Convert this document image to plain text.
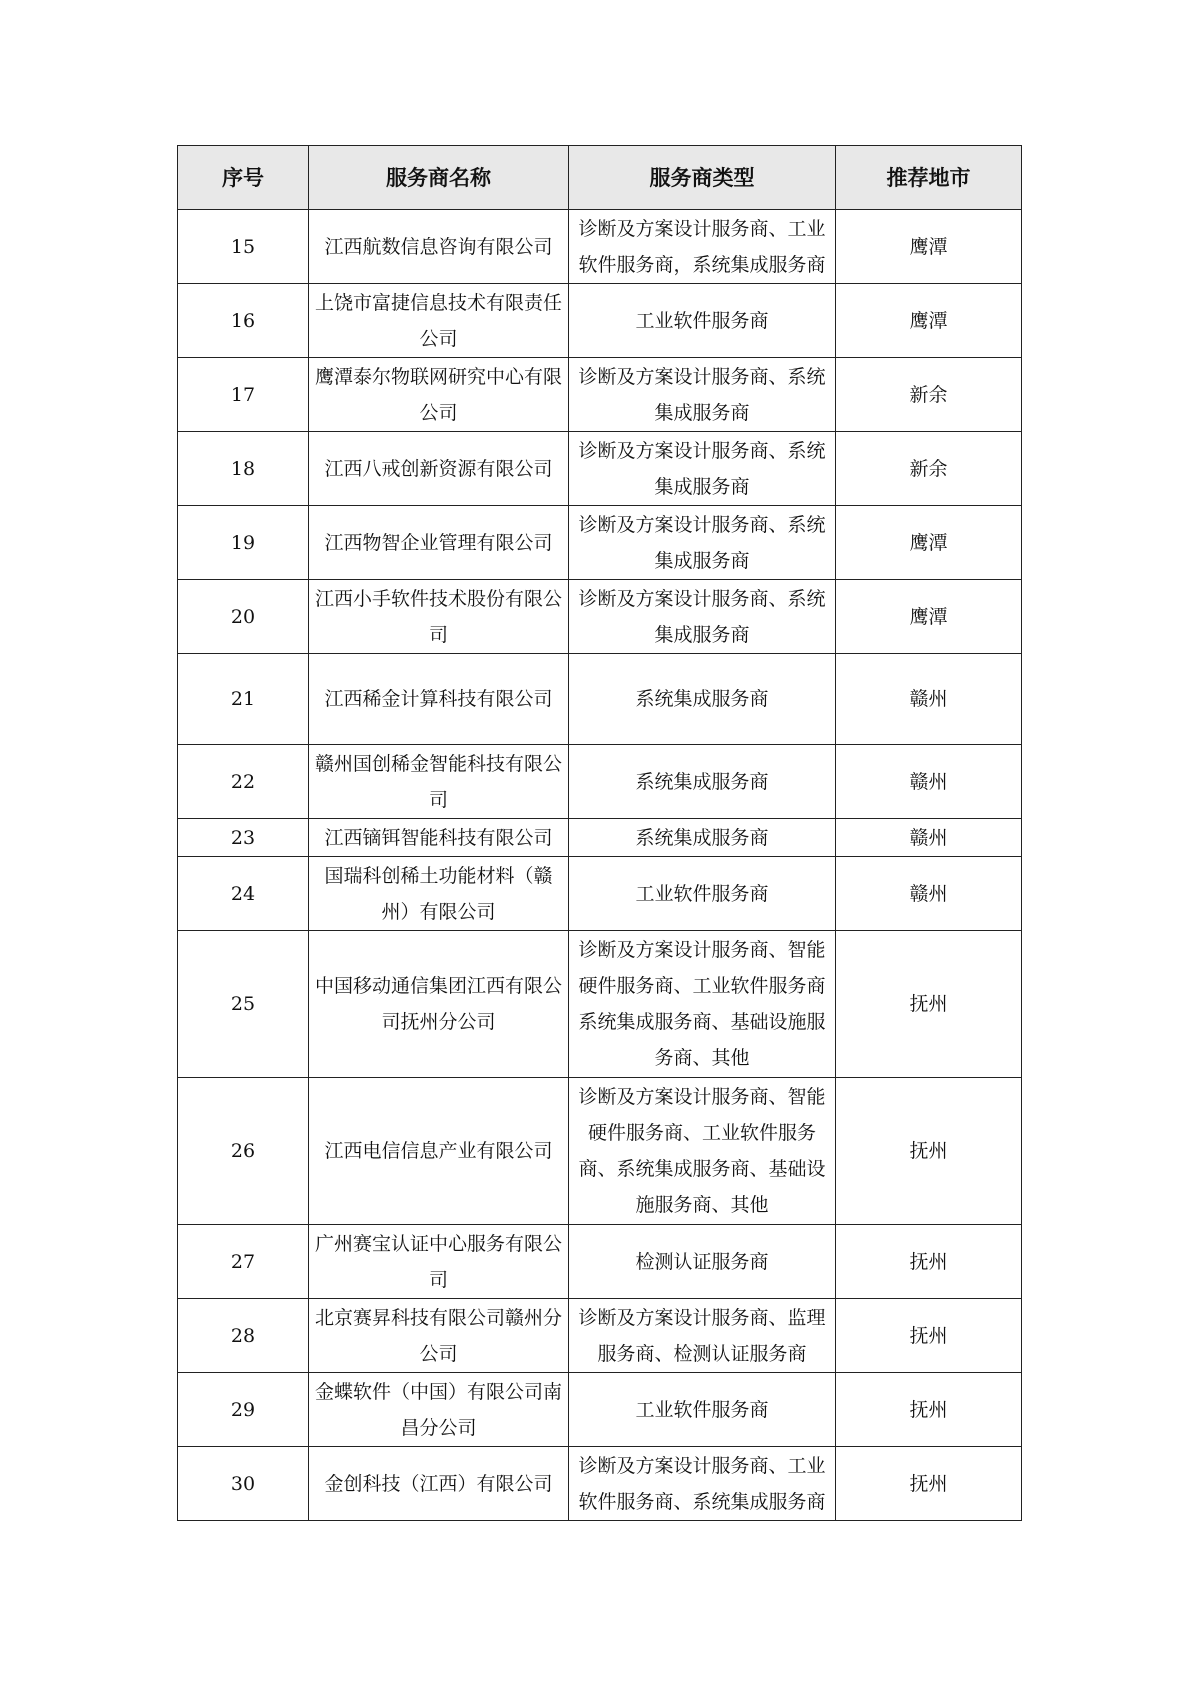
序号	服务商名称	服务商类型	推荐地市
15	江西航数信息咨询有限公司	诊断及方案设计服务商、工业软件服务商，系统集成服务商	鹰潭
16	上饶市富捷信息技术有限责任公司	工业软件服务商	鹰潭
17	鹰潭泰尔物联网研究中心有限公司	诊断及方案设计服务商、系统集成服务商	新余
18	江西八戒创新资源有限公司	诊断及方案设计服务商、系统集成服务商	新余
19	江西物智企业管理有限公司	诊断及方案设计服务商、系统集成服务商	鹰潭
20	江西小手软件技术股份有限公司	诊断及方案设计服务商、系统集成服务商	鹰潭
21	江西稀金计算科技有限公司	系统集成服务商	赣州
22	赣州国创稀金智能科技有限公司	系统集成服务商	赣州
23	江西镝铒智能科技有限公司	系统集成服务商	赣州
24	国瑞科创稀土功能材料（赣州）有限公司	工业软件服务商	赣州
25	中国移动通信集团江西有限公司抚州分公司	诊断及方案设计服务商、智能硬件服务商、工业软件服务商系统集成服务商、基础设施服务商、其他	抚州
26	江西电信信息产业有限公司	诊断及方案设计服务商、智能硬件服务商、工业软件服务商、系统集成服务商、基础设施服务商、其他	抚州
27	广州赛宝认证中心服务有限公司	检测认证服务商	抚州
28	北京赛昇科技有限公司赣州分公司	诊断及方案设计服务商、监理服务商、检测认证服务商	抚州
29	金蝶软件（中国）有限公司南昌分公司	工业软件服务商	抚州
30	金创科技（江西）有限公司	诊断及方案设计服务商、工业软件服务商、系统集成服务商	抚州
